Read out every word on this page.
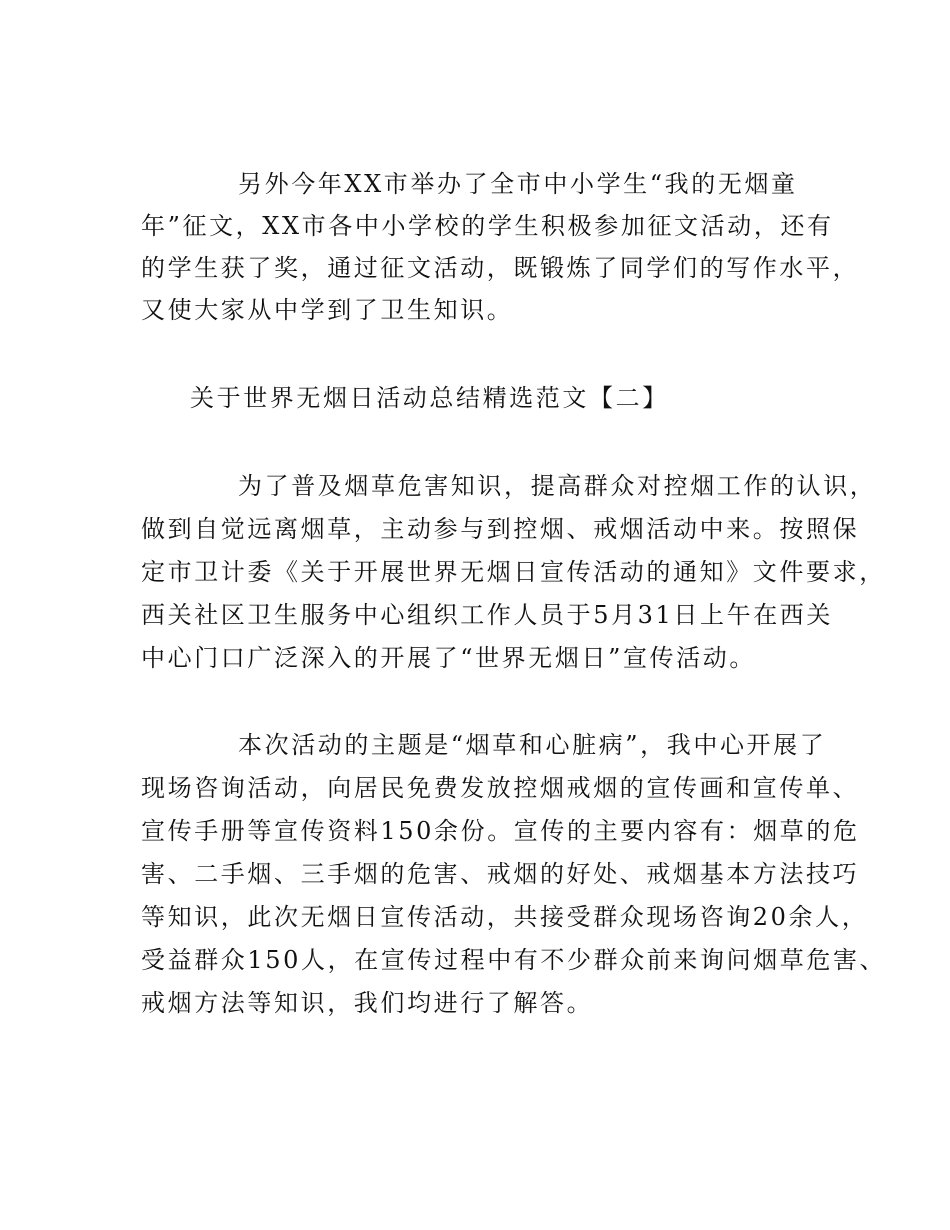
另外今年XX市举办了全市中小学生“我的无烟童

年”征文，XX市各中小学校的学生积极参加征文活动，还有

的学生获了奖，通过征文活动，既锻炼了同学们的写作水平，

又使大家从中学到了卫生知识。

关于世界无烟日活动总结精选范文【二】

为了普及烟草危害知识，提高群众对控烟工作的认识，

做到自觉远离烟草，主动参与到控烟、戒烟活动中来。按照保

定市卫计委《关于开展世界无烟日宣传活动的通知》文件要求，

西关社区卫生服务中心组织工作人员于5月31日上午在西关

中心门口广泛深入的开展了“世界无烟日”宣传活动。

本次活动的主题是“烟草和心脏病”，我中心开展了

现场咨询活动，向居民免费发放控烟戒烟的宣传画和宣传单、

宣传手册等宣传资料150余份。宣传的主要内容有：烟草的危

害、二手烟、三手烟的危害、戒烟的好处、戒烟基本方法技巧

等知识，此次无烟日宣传活动，共接受群众现场咨询20余人，

受益群众150人，在宣传过程中有不少群众前来询问烟草危害、

戒烟方法等知识，我们均进行了解答。
